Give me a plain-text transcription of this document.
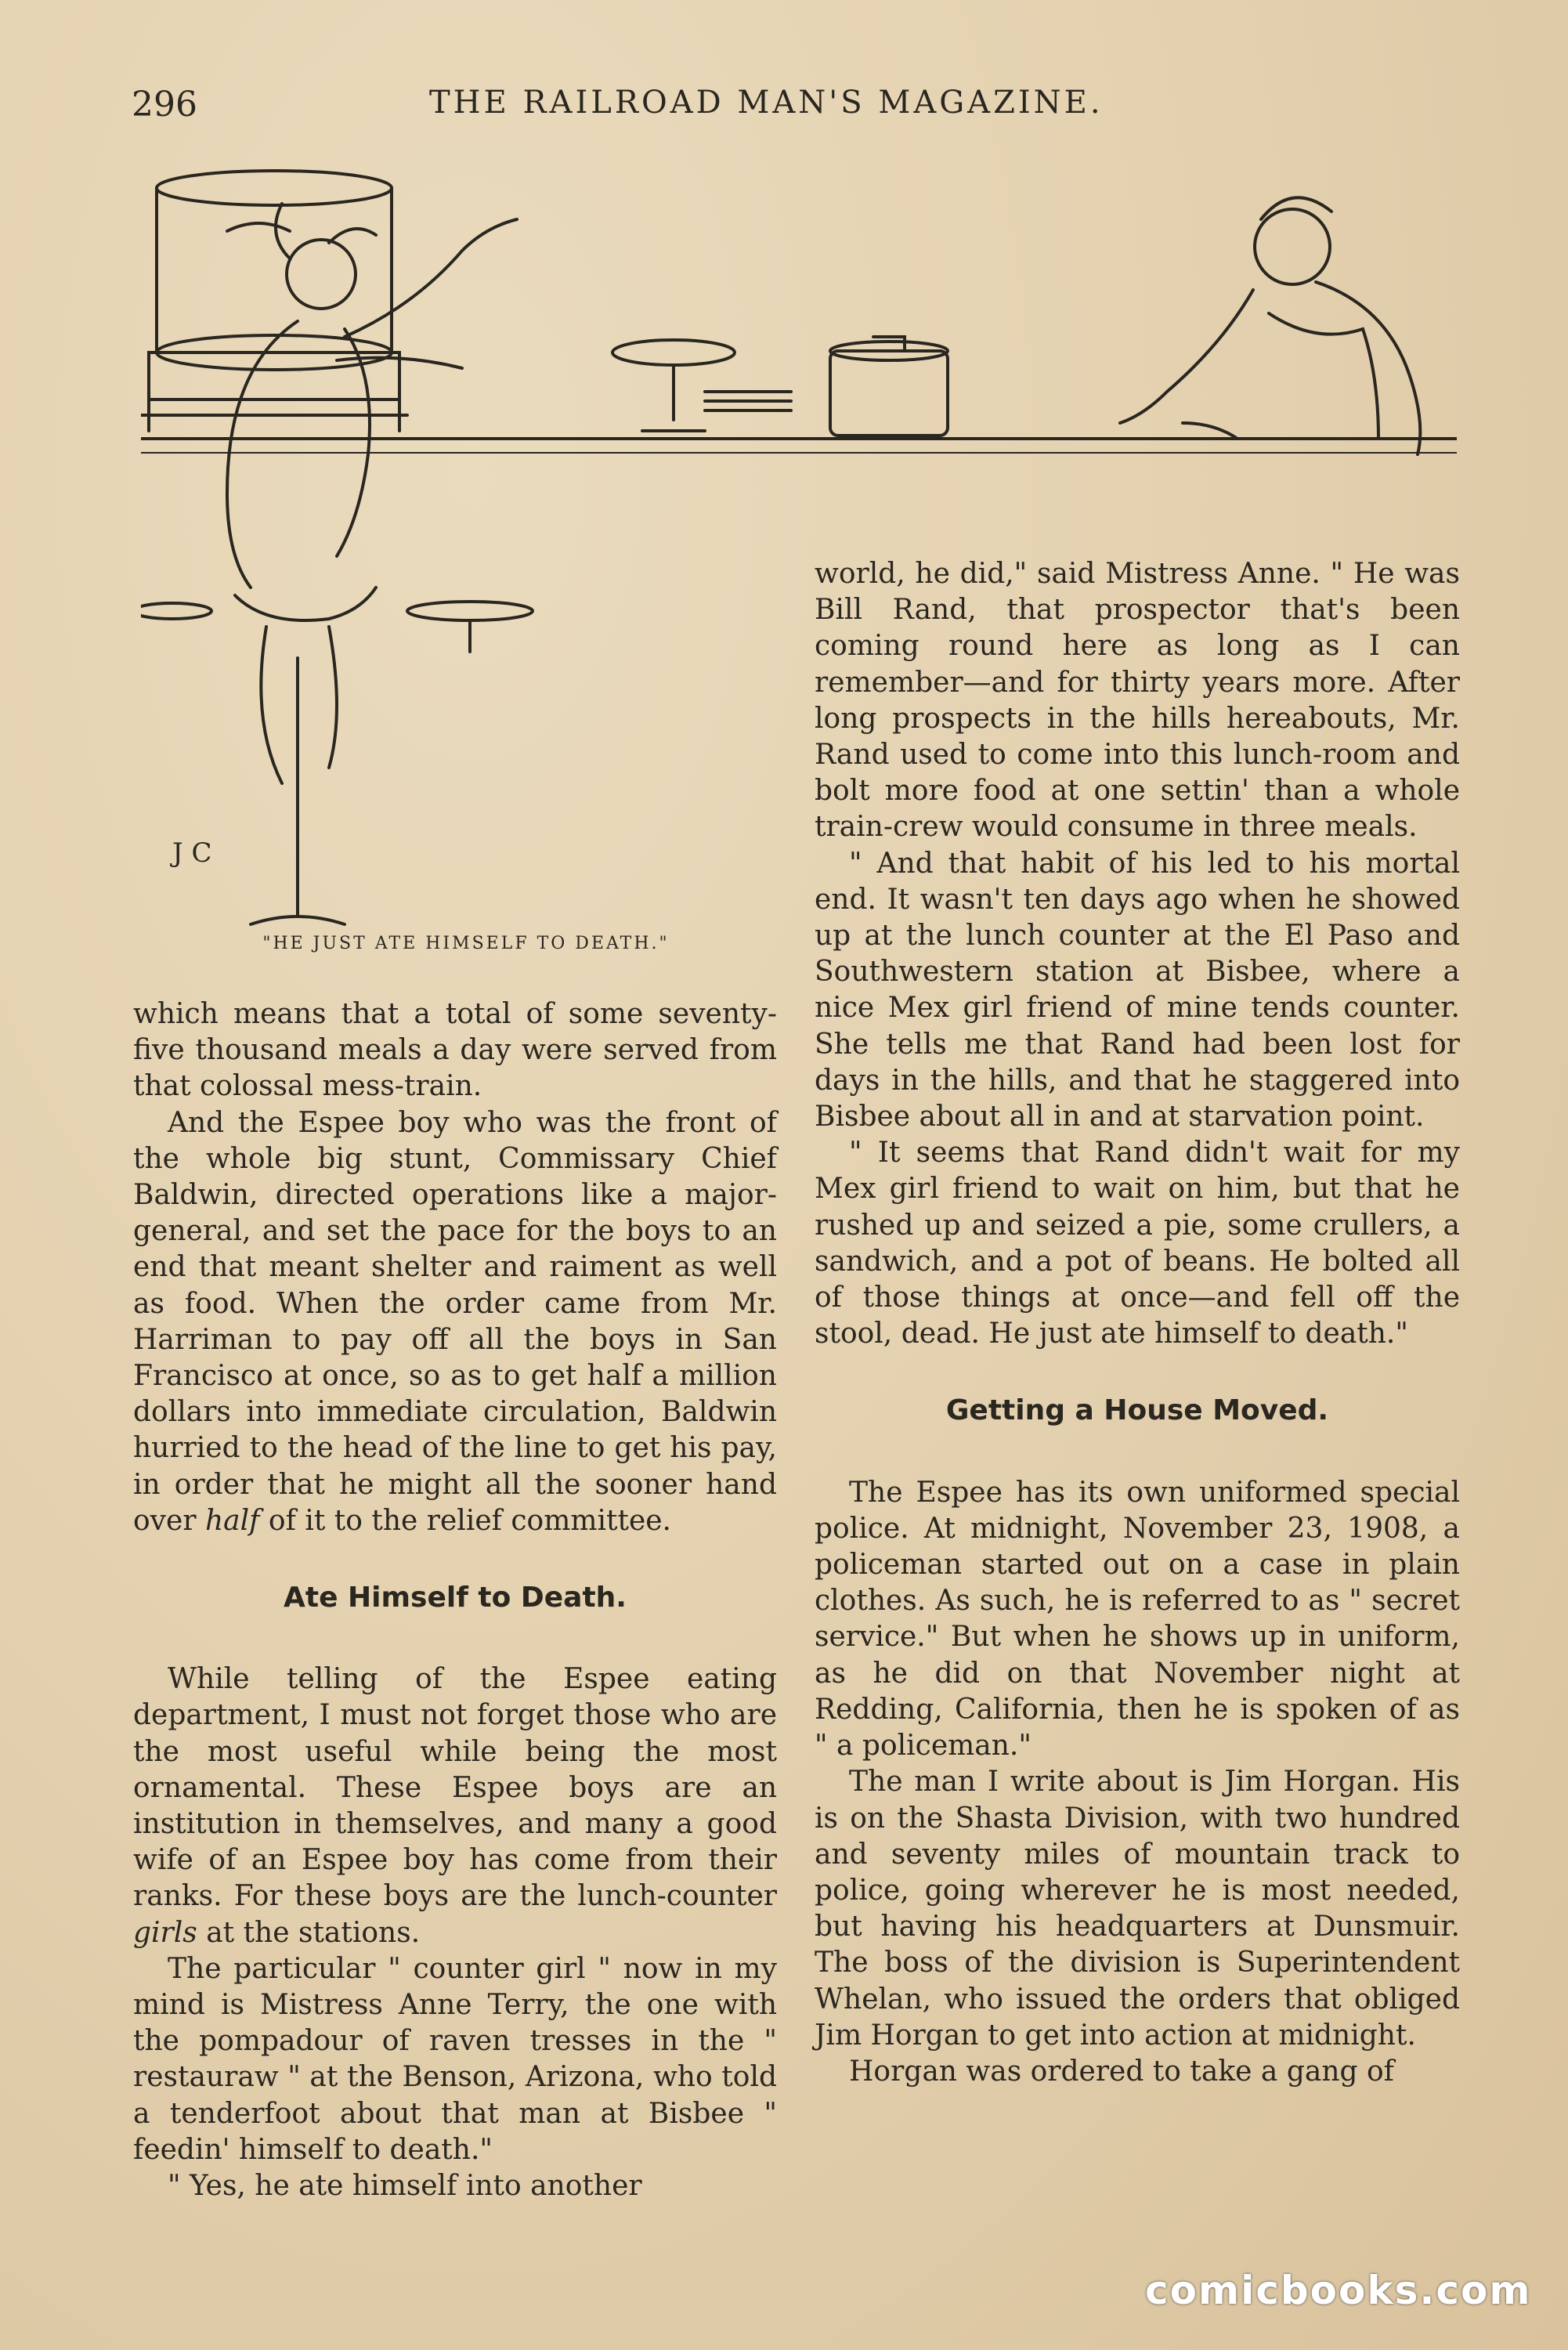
296	THE RAILROAD MAN'S MAGAZINE.
J C
"HE JUST ATE HIMSELF TO DEATH."

which means that a total of some seventy-five thousand meals a day were served from that colossal mess-train.

And the Espee boy who was the front of the whole big stunt, Commissary Chief Baldwin, directed operations like a major-general, and set the pace for the boys to an end that meant shelter and raiment as well as food. When the order came from Mr. Harriman to pay off all the boys in San Francisco at once, so as to get half a million dollars into immediate circulation, Baldwin hurried to the head of the line to get his pay, in order that he might all the sooner hand over half of it to the relief committee.

Ate Himself to Death.

While telling of the Espee eating department, I must not forget those who are the most useful while being the most ornamental. These Espee boys are an institution in themselves, and many a good wife of an Espee boy has come from their ranks. For these boys are the lunch-counter girls at the stations.

The particular " counter girl " now in my mind is Mistress Anne Terry, the one with the pompadour of raven tresses in the " restauraw " at the Benson, Arizona, who told a tenderfoot about that man at Bisbee " feedin' himself to death."

" Yes, he ate himself into another

world, he did," said Mistress Anne. " He was Bill Rand, that prospector that's been coming round here as long as I can remember—and for thirty years more. After long prospects in the hills hereabouts, Mr. Rand used to come into this lunch-room and bolt more food at one settin' than a whole train-crew would consume in three meals.

" And that habit of his led to his mortal end. It wasn't ten days ago when he showed up at the lunch counter at the El Paso and Southwestern station at Bisbee, where a nice Mex girl friend of mine tends counter. She tells me that Rand had been lost for days in the hills, and that he staggered into Bisbee about all in and at starvation point.

" It seems that Rand didn't wait for my Mex girl friend to wait on him, but that he rushed up and seized a pie, some crullers, a sandwich, and a pot of beans. He bolted all of those things at once—and fell off the stool, dead. He just ate himself to death."

Getting a House Moved.

The Espee has its own uniformed special police. At midnight, November 23, 1908, a policeman started out on a case in plain clothes. As such, he is referred to as " secret service." But when he shows up in uniform, as he did on that November night at Redding, California, then he is spoken of as " a policeman."

The man I write about is Jim Horgan. His is on the Shasta Division, with two hundred and seventy miles of mountain track to police, going wherever he is most needed, but having his headquarters at Dunsmuir. The boss of the division is Superintendent Whelan, who issued the orders that obliged Jim Horgan to get into action at midnight.

Horgan was ordered to take a gang of

comicbooks.com
